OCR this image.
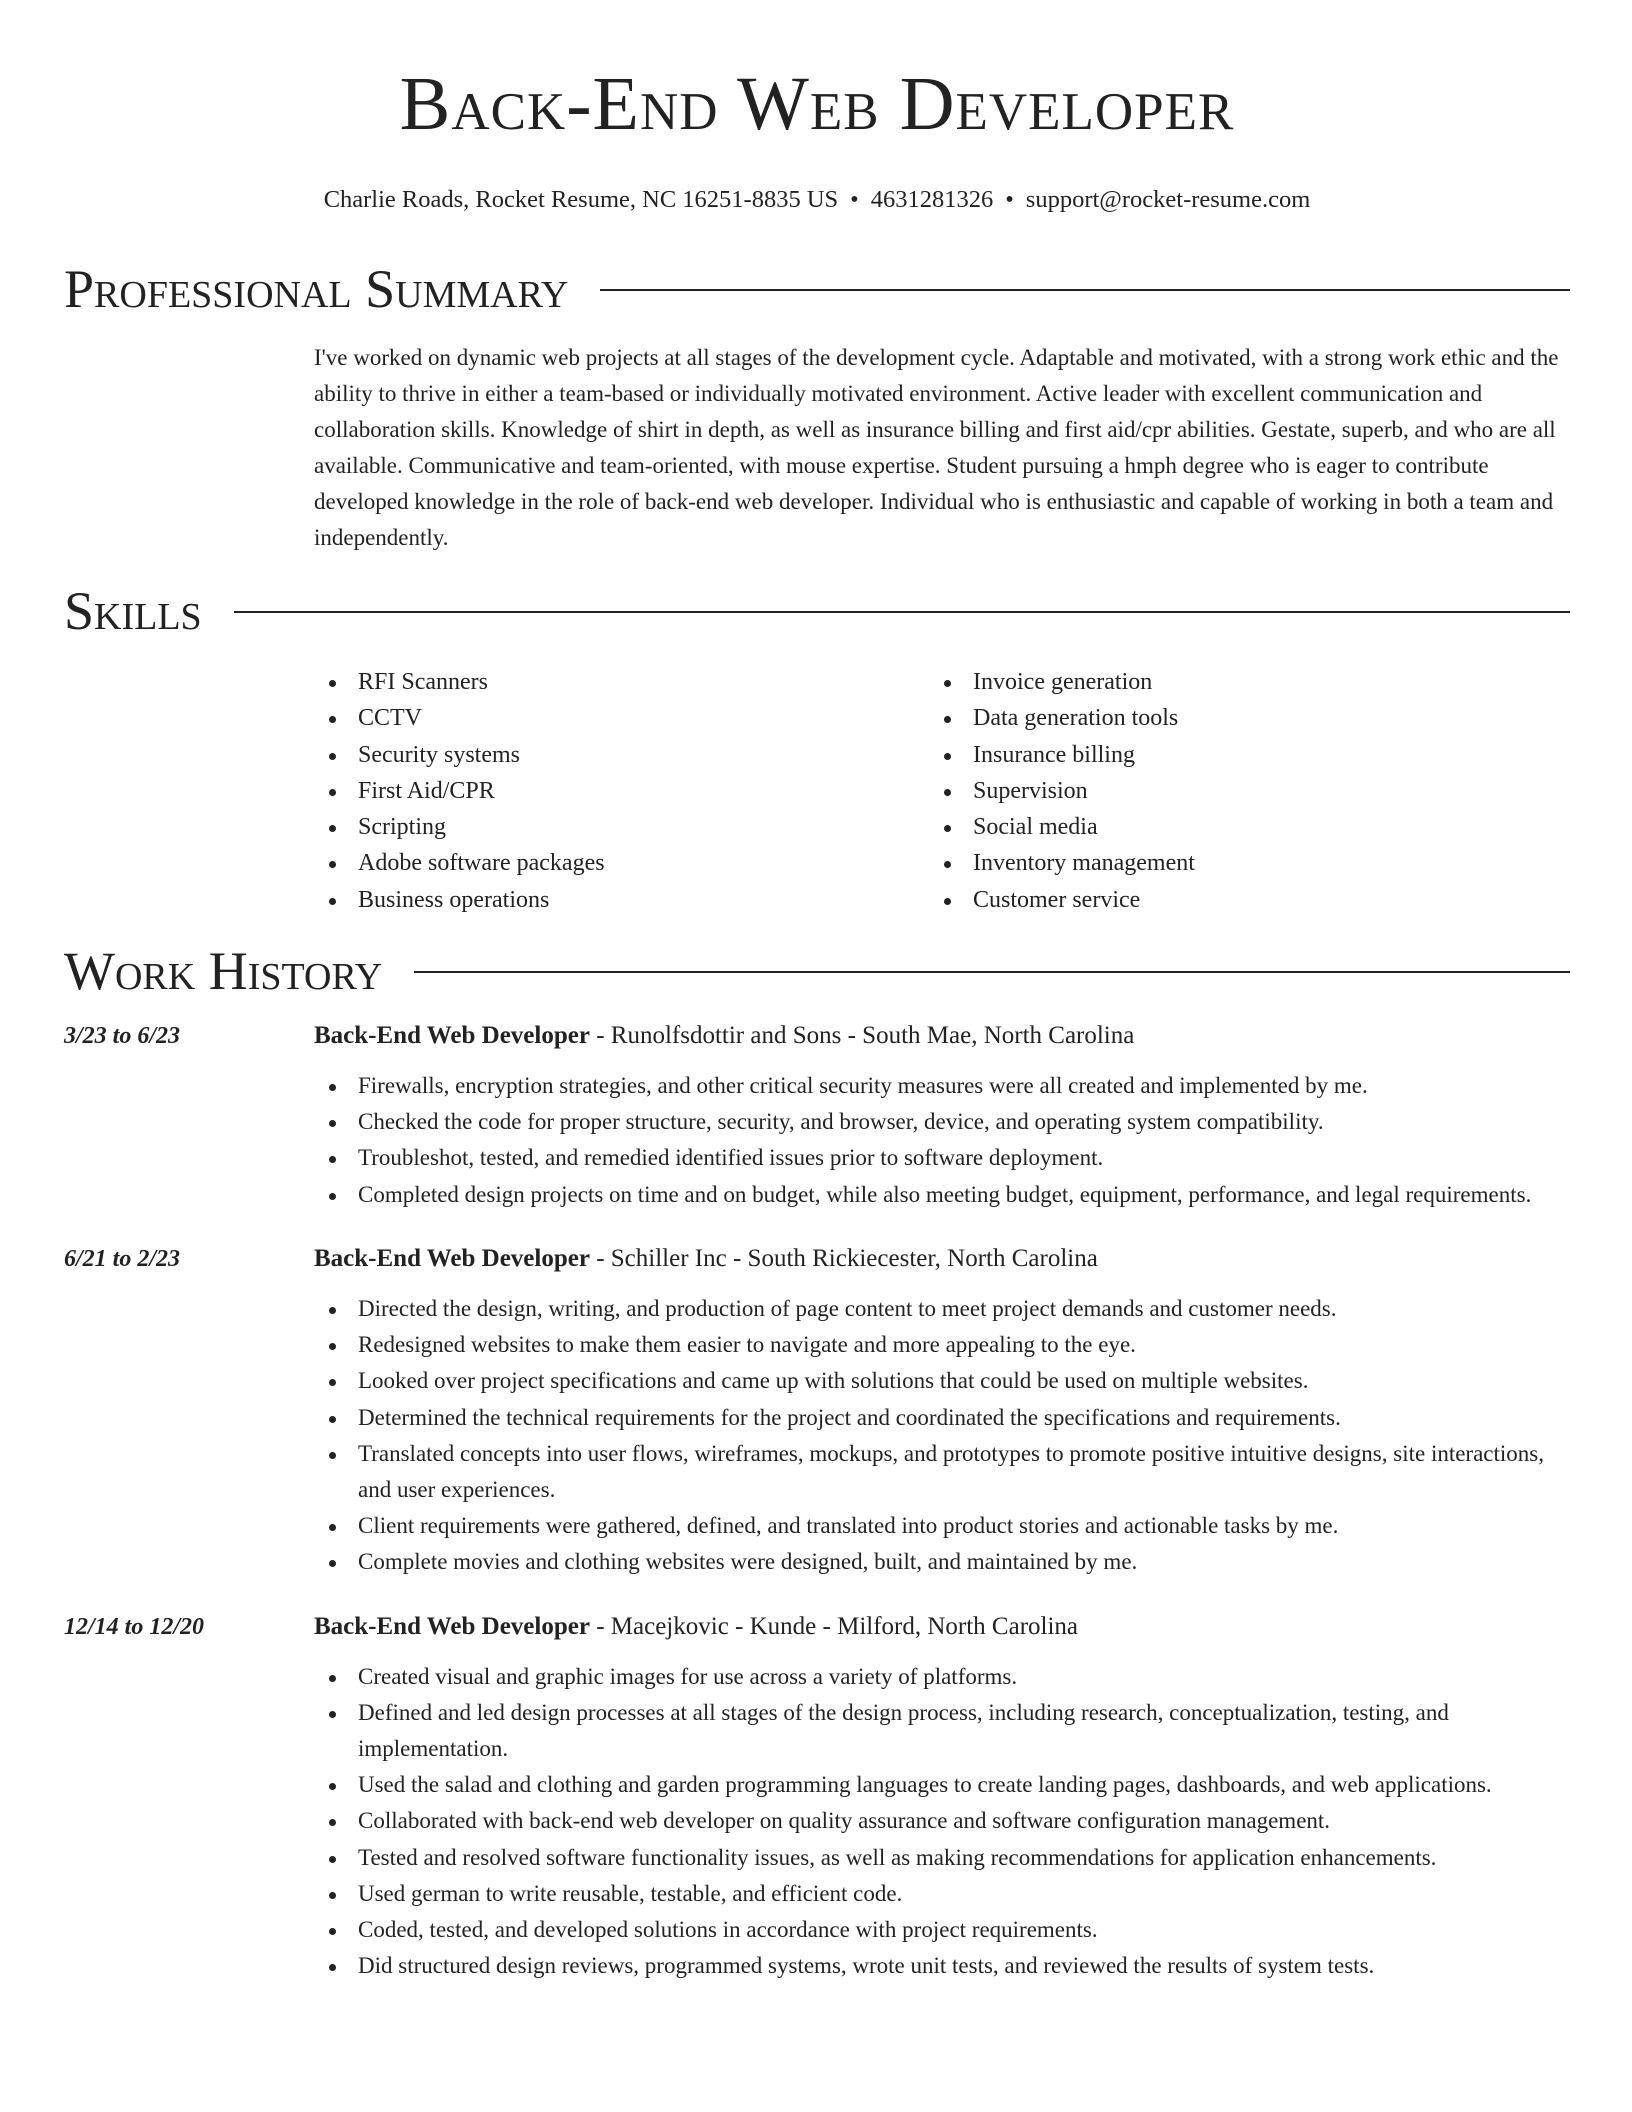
Back-End Web Developer
Charlie Roads, Rocket Resume, NC 16251-8835 US • 4631281326 • support@rocket-resume.com
Professional Summary
I've worked on dynamic web projects at all stages of the development cycle. Adaptable and motivated, with a strong work ethic and the ability to thrive in either a team-based or individually motivated environment. Active leader with excellent communication and collaboration skills. Knowledge of shirt in depth, as well as insurance billing and first aid/cpr abilities. Gestate, superb, and who are all available. Communicative and team-oriented, with mouse expertise. Student pursuing a hmph degree who is eager to contribute developed knowledge in the role of back-end web developer. Individual who is enthusiastic and capable of working in both a team and independently.
Skills
RFI Scanners
CCTV
Security systems
First Aid/CPR
Scripting
Adobe software packages
Business operations
Invoice generation
Data generation tools
Insurance billing
Supervision
Social media
Inventory management
Customer service
Work History
3/23 to 6/23	Back-End Web Developer - Runolfsdottir and Sons - South Mae, North Carolina
Firewalls, encryption strategies, and other critical security measures were all created and implemented by me.
Checked the code for proper structure, security, and browser, device, and operating system compatibility.
Troubleshot, tested, and remedied identified issues prior to software deployment.
Completed design projects on time and on budget, while also meeting budget, equipment, performance, and legal requirements.
6/21 to 2/23	Back-End Web Developer - Schiller Inc - South Rickiecester, North Carolina
Directed the design, writing, and production of page content to meet project demands and customer needs.
Redesigned websites to make them easier to navigate and more appealing to the eye.
Looked over project specifications and came up with solutions that could be used on multiple websites.
Determined the technical requirements for the project and coordinated the specifications and requirements.
Translated concepts into user flows, wireframes, mockups, and prototypes to promote positive intuitive designs, site interactions, and user experiences.
Client requirements were gathered, defined, and translated into product stories and actionable tasks by me.
Complete movies and clothing websites were designed, built, and maintained by me.
12/14 to 12/20	Back-End Web Developer - Macejkovic - Kunde - Milford, North Carolina
Created visual and graphic images for use across a variety of platforms.
Defined and led design processes at all stages of the design process, including research, conceptualization, testing, and implementation.
Used the salad and clothing and garden programming languages to create landing pages, dashboards, and web applications.
Collaborated with back-end web developer on quality assurance and software configuration management.
Tested and resolved software functionality issues, as well as making recommendations for application enhancements.
Used german to write reusable, testable, and efficient code.
Coded, tested, and developed solutions in accordance with project requirements.
Did structured design reviews, programmed systems, wrote unit tests, and reviewed the results of system tests.
